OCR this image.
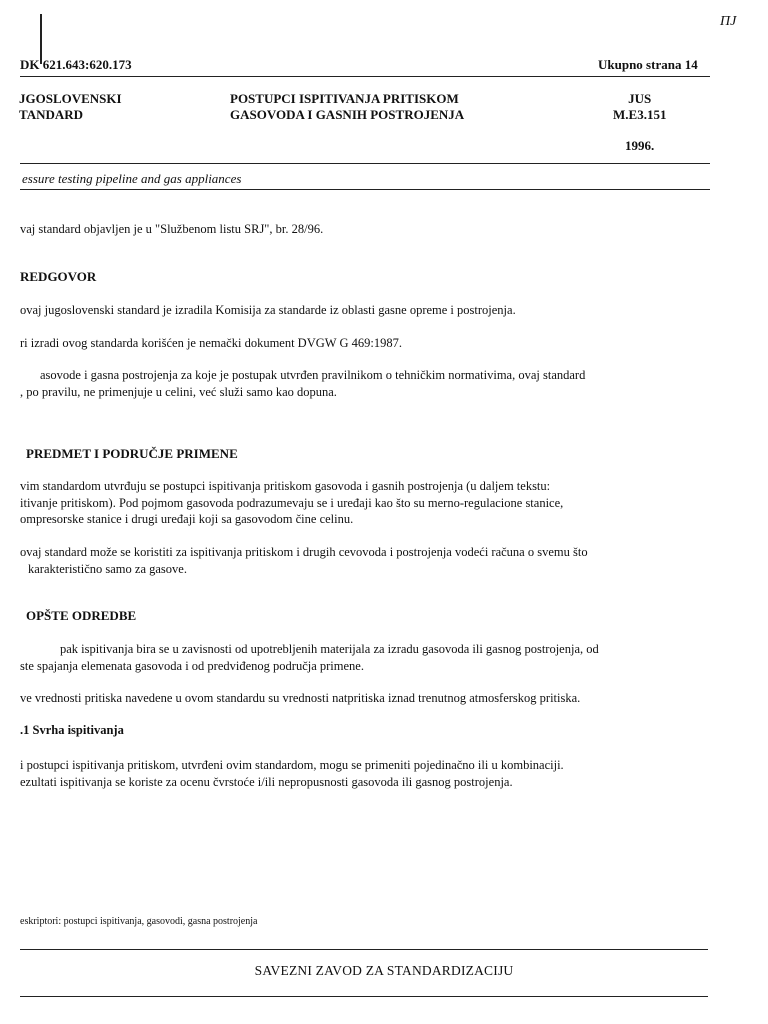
ПЈ
DK 621.643:620.173	Ukupno strana 14
JGOSLOVENSKI
TANDARD
POSTUPCI ISPITIVANJA PRITISKOM
GASOVODA I GASNIH POSTROJENJA
JUS
M.E3.151
1996.
essure testing pipeline and gas appliances
vaj standard objavljen je u "Službenom listu SRJ", br. 28/96.
REDGOVOR
ovaj jugoslovenski standard je izradila Komisija za standarde iz oblasti gasne opreme i postrojenja.
ri izradi ovog standarda korišćen je nemački dokument DVGW G 469:1987.
asovode i gasna postrojenja za koje je postupak utvrđen pravilnikom o tehničkim normativima, ovaj standard
, po pravilu, ne primenjuje u celini, već služi samo kao dopuna.
PREDMET I PODRUČJE PRIMENE
vim standardom utvrđuju se postupci ispitivanja pritiskom gasovoda i gasnih postrojenja (u daljem tekstu:
itivanje pritiskom). Pod pojmom gasovoda podrazumevaju se i uređaji kao što su merno-regulacione stanice,
ompresorske stanice i drugi uređaji koji sa gasovodom čine celinu.
ovaj standard može se koristiti za ispitivanja pritiskom i drugih cevovoda i postrojenja vodeći računa o svemu što
karakteristično samo za gasove.
OPŠTE ODREDBE
pak ispitivanja bira se u zavisnosti od upotrebljenih materijala za izradu gasovoda ili gasnog postrojenja, od
ste spajanja elemenata gasovoda i od predviđenog područja primene.
ve vrednosti pritiska navedene u ovom standardu su vrednosti natpritiska iznad trenutnog atmosferskog pritiska.
.1 Svrha ispitivanja
i postupci ispitivanja pritiskom, utvrđeni ovim standardom, mogu se primeniti pojedinačno ili u kombinaciji.
ezultati ispitivanja se koriste za ocenu čvrstoće i/ili nepropusnosti gasovoda ili gasnog postrojenja.
eskriptori: postupci ispitivanja, gasovodi, gasna postrojenja
SAVEZNI ZAVOD ZA STANDARDIZACIJU
